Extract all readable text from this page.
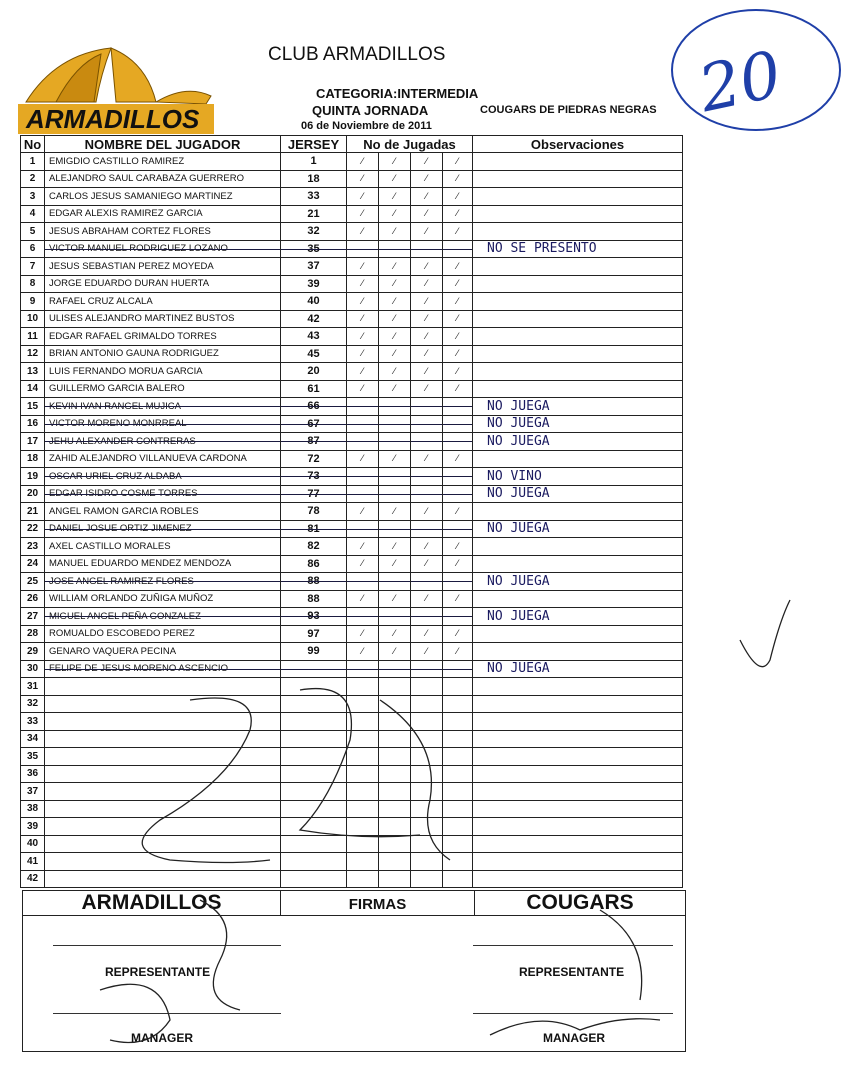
ARMADILLOS
CLUB ARMADILLOS
CATEGORIA:INTERMEDIA
QUINTA JORNADA	COUGARS DE PIEDRAS NEGRAS
06 de Noviembre de 2011	20
No	NOMBRE DEL JUGADOR	JERSEY	No de Jugadas				Observaciones
1	EMIGDIO CASTILLO RAMIREZ	1	⁄	⁄	⁄	⁄	
2	ALEJANDRO SAUL CARABAZA GUERRERO	18	⁄	⁄	⁄	⁄	
3	CARLOS JESUS SAMANIEGO MARTINEZ	33	⁄	⁄	⁄	⁄	
4	EDGAR ALEXIS RAMIREZ GARCIA	21	⁄	⁄	⁄	⁄	
5	JESUS ABRAHAM CORTEZ FLORES	32	⁄	⁄	⁄	⁄	
6	VICTOR MANUEL RODRIGUEZ LOZANO	35					NO SE PRESENTO
7	JESUS SEBASTIAN PEREZ MOYEDA	37	⁄	⁄	⁄	⁄	
8	JORGE EDUARDO DURAN HUERTA	39	⁄	⁄	⁄	⁄	
9	RAFAEL CRUZ ALCALA	40	⁄	⁄	⁄	⁄	
10	ULISES ALEJANDRO MARTINEZ BUSTOS	42	⁄	⁄	⁄	⁄	
11	EDGAR RAFAEL GRIMALDO TORRES	43	⁄	⁄	⁄	⁄	
12	BRIAN ANTONIO GAUNA RODRIGUEZ	45	⁄	⁄	⁄	⁄	
13	LUIS FERNANDO MORUA GARCIA	20	⁄	⁄	⁄	⁄	
14	GUILLERMO GARCIA BALERO	61	⁄	⁄	⁄	⁄	
15	KEVIN IVAN RANGEL MUJICA	66					NO JUEGA
16	VICTOR MORENO MONRREAL	67					NO JUEGA
17	JEHU ALEXANDER CONTRERAS	87					NO JUEGA
18	ZAHID ALEJANDRO VILLANUEVA CARDONA	72	⁄	⁄	⁄	⁄	
19	OSCAR URIEL CRUZ ALDABA	73					NO VINO
20	EDGAR ISIDRO COSME TORRES	77					NO JUEGA
21	ANGEL RAMON GARCIA ROBLES	78	⁄	⁄	⁄	⁄	
22	DANIEL JOSUE ORTIZ JIMENEZ	81					NO JUEGA
23	AXEL CASTILLO MORALES	82	⁄	⁄	⁄	⁄	
24	MANUEL EDUARDO MENDEZ MENDOZA	86	⁄	⁄	⁄	⁄	
25	JOSE ANGEL RAMIREZ FLORES	88					NO JUEGA
26	WILLIAM ORLANDO ZUÑIGA MUÑOZ	88	⁄	⁄	⁄	⁄	
27	MIGUEL ANGEL PEÑA GONZALEZ	93					NO JUEGA
28	ROMUALDO ESCOBEDO PEREZ	97	⁄	⁄	⁄	⁄	
29	GENARO VAQUERA PECINA	99	⁄	⁄	⁄	⁄	
30	FELIPE DE JESUS MORENO ASCENCIO						NO JUEGA
31							
32							
33							
34							
35							
36							
37							
38							
39							
40							
41							
42							
ARMADILLOS	FIRMAS	COUGARS
REPRESENTANTE	REPRESENTANTE
MANAGER	MANAGER
